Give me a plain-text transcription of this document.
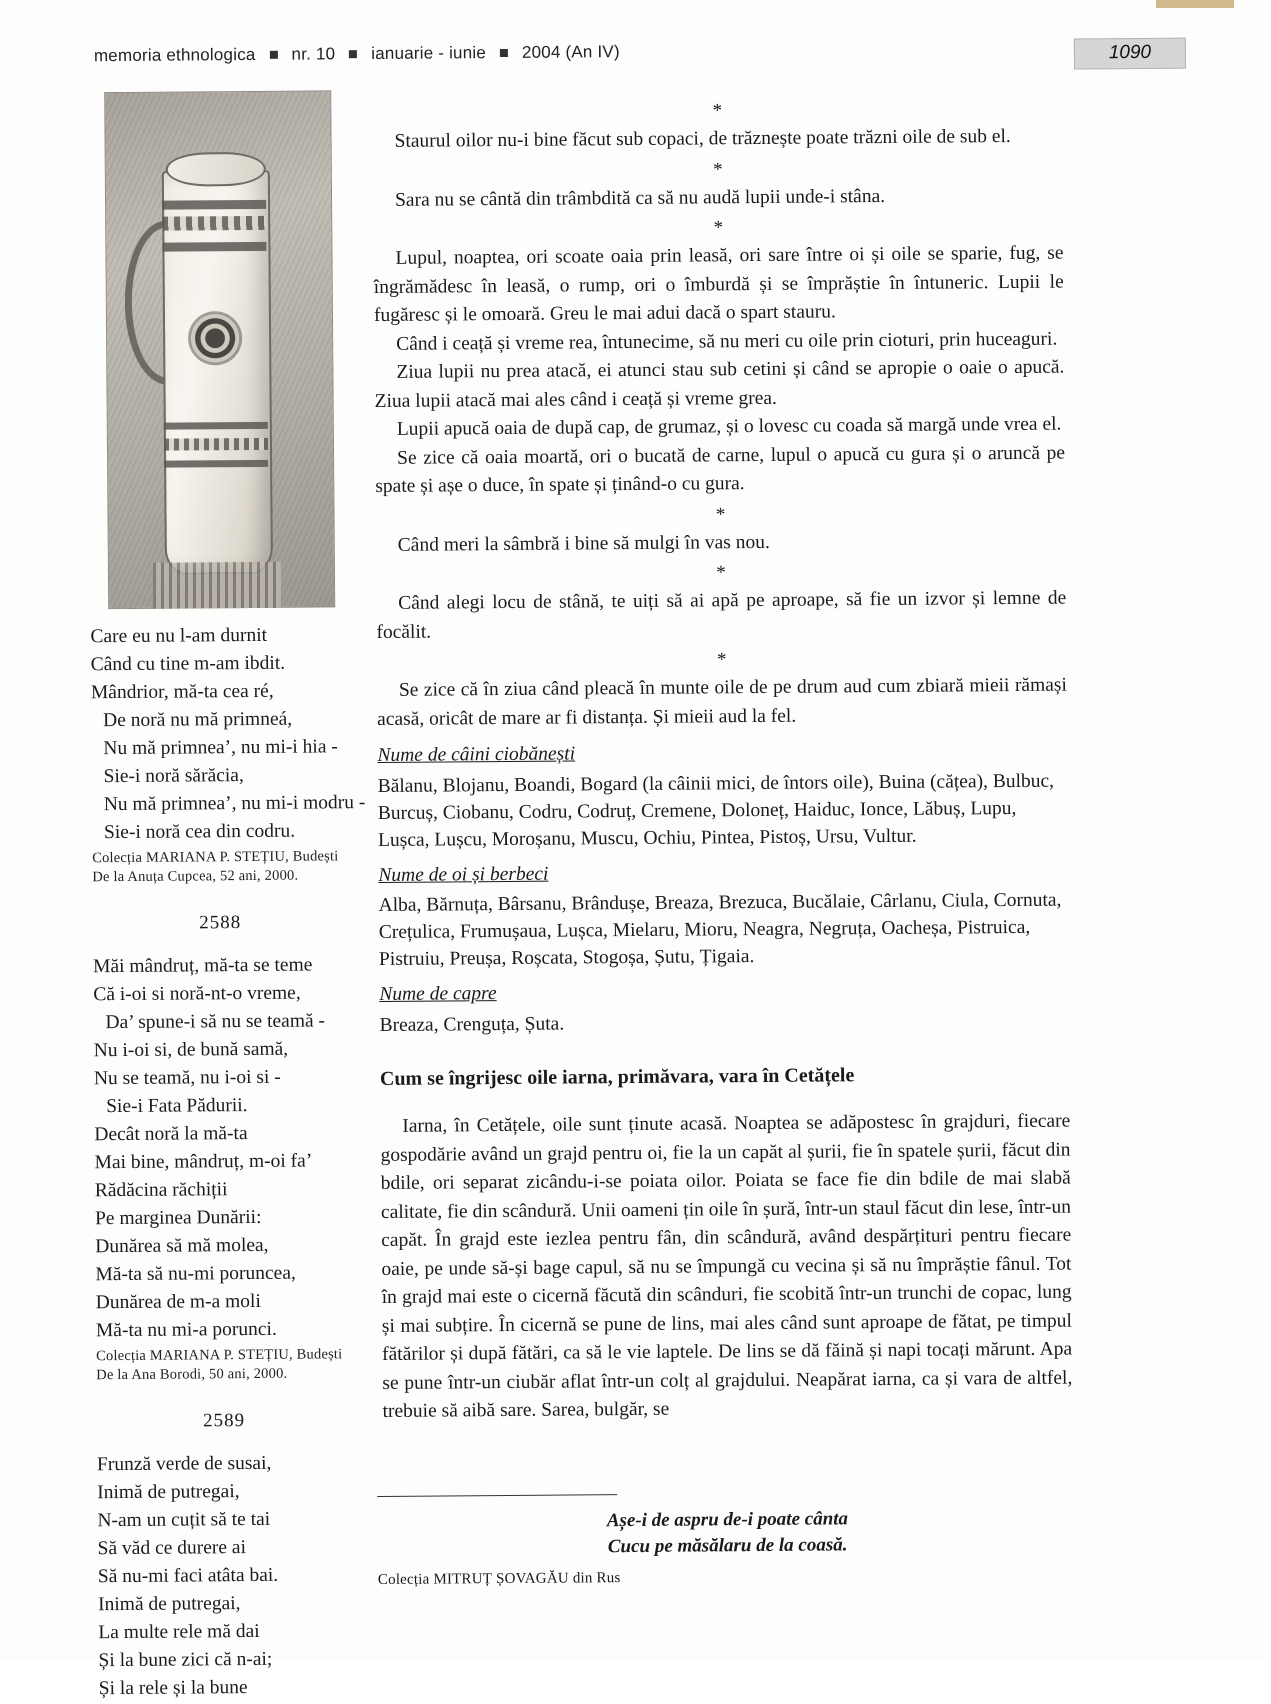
memoria ethnologica nr. 10 ianuarie - iunie 2004 (An IV)	1090
Care eu nu l-am durnit
Când cu tine m-am ibdit.
Mândrior, mă-ta cea ré,
De noră nu mă primneá,
Nu mă primnea’, nu mi-i hia -
Sie-i noră sărăcia,
Nu mă primnea’, nu mi-i modru -
Sie-i noră cea din codru.
Colecția MARIANA P. STEȚIU, Budești
De la Anuța Cupcea, 52 ani, 2000.
2588
Măi mândruț, mă-ta se teme
Că i-oi si noră-nt-o vreme,
Da’ spune-i să nu se teamă -
Nu i-oi si, de bună samă,
Nu se teamă, nu i-oi si -
Sie-i Fata Pădurii.
Decât noră la mă-ta
Mai bine, mândruț, m-oi fa’
Rădăcina răchiții
Pe marginea Dunării:
Dunărea să mă molea,
Mă-ta să nu-mi poruncea,
Dunărea de m-a moli
Mă-ta nu mi-a porunci.
Colecția MARIANA P. STEȚIU, Budești
De la Ana Borodi, 50 ani, 2000.
2589
Frunză verde de susai,
Inimă de putregai,
N-am un cuțit să te tai
Să văd ce durere ai
Să nu-mi faci atâta bai.
Inimă de putregai,
La multe rele mă dai
Și la bune zici că n-ai;
Și la rele și la bune
*

Staurul oilor nu-i bine făcut sub copaci, de trăznește poate trăzni oile de sub el.

*

Sara nu se cântă din trâmbdită ca să nu audă lupii unde-i stâna.

*

Lupul, noaptea, ori scoate oaia prin leasă, ori sare între oi și oile se sparie, fug, se îngrămădesc în leasă, o rump, ori o îmburdă și se împrăștie în întuneric. Lupii le fugăresc și le omoară. Greu le mai adui dacă o spart stauru.

Când i ceață și vreme rea, întunecime, să nu meri cu oile prin cioturi, prin huceaguri.

Ziua lupii nu prea atacă, ei atunci stau sub cetini și când se apropie o oaie o apucă. Ziua lupii atacă mai ales când i ceață și vreme grea.

Lupii apucă oaia de după cap, de grumaz, și o lovesc cu coada să margă unde vrea el.

Se zice că oaia moartă, ori o bucată de carne, lupul o apucă cu gura și o aruncă pe spate și așe o duce, în spate și ținând-o cu gura.

*

Când meri la sâmbră i bine să mulgi în vas nou.

*

Când alegi locu de stână, te uiți să ai apă pe aproape, să fie un izvor și lemne de focălit.

*

Se zice că în ziua când pleacă în munte oile de pe drum aud cum zbiară mieii rămași acasă, oricât de mare ar fi distanța. Și mieii aud la fel.

Nume de câini ciobănești

Bălanu, Blojanu, Boandi, Bogard (la câinii mici, de întors oile), Buina (cățea), Bulbuc, Burcuș, Ciobanu, Codru, Codruț, Cremene, Doloneț, Haiduc, Ionce, Lăbuș, Lupu, Lușca, Lușcu, Moroșanu, Muscu, Ochiu, Pintea, Pistoș, Ursu, Vultur.

Nume de oi și berbeci

Alba, Bărnuța, Bârsanu, Brândușe, Breaza, Brezuca, Bucălaie, Cârlanu, Ciula, Cornuta, Crețulica, Frumușaua, Lușca, Mielaru, Mioru, Neagra, Negruța, Oacheșa, Pistruica, Pistruiu, Preușa, Roșcata, Stogoșa, Șutu, Țigaia.

Nume de capre

Breaza, Crenguța, Șuta.

Cum se îngrijesc oile iarna, primăvara, vara în Cetățele

Iarna, în Cetățele, oile sunt ținute acasă. Noaptea se adăpostesc în grajduri, fiecare gospodărie având un grajd pentru oi, fie la un capăt al șurii, fie în spatele șurii, făcut din bdile, ori separat zicându-i-se poiata oilor. Poiata se face fie din bdile de mai slabă calitate, fie din scândură. Unii oameni țin oile în șură, într-un staul făcut din lese, într-un capăt. În grajd este iezlea pentru fân, din scândură, având despărțituri pentru fiecare oaie, pe unde să-și bage capul, să nu se împungă cu vecina și să nu împrăștie fânul. Tot în grajd mai este o cicernă făcută din scânduri, fie scobită într-un trunchi de copac, lung și mai subțire. În cicernă se pune de lins, mai ales când sunt aproape de fătat, pe timpul fătărilor și după fătări, ca să le vie laptele. De lins se dă făină și napi tocați mărunt. Apa se pune într-un ciubăr aflat într-un colț al grajdului. Neapărat iarna, ca și vara de altfel, trebuie să aibă sare. Sarea, bulgăr, se

Așe-i de aspru de-i poate cânta
Cucu pe măsălaru de la coasă.
Colecția MITRUȚ ȘOVAGĂU din Rus
